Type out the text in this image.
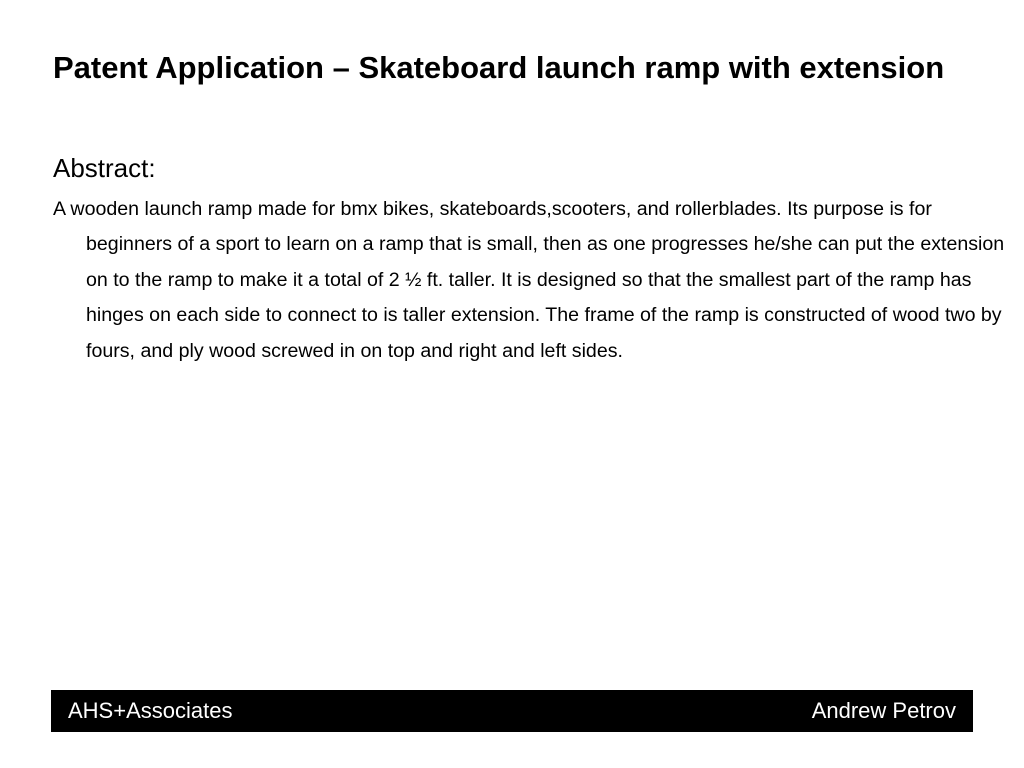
Patent Application – Skateboard launch ramp with extension
Abstract:

A wooden launch ramp made for bmx bikes, skateboards,scooters, and rollerblades. Its purpose is for beginners of a sport to learn on a ramp that is small, then as one progresses he/she can put the extension on to the ramp to make it a total of 2 ½ ft. taller. It is designed so that the smallest part of the ramp has hinges on each side to connect to is taller extension. The frame of the ramp is constructed of wood two by fours, and ply wood screwed in on top and right and left sides.

AHS+Associates	Andrew Petrov
